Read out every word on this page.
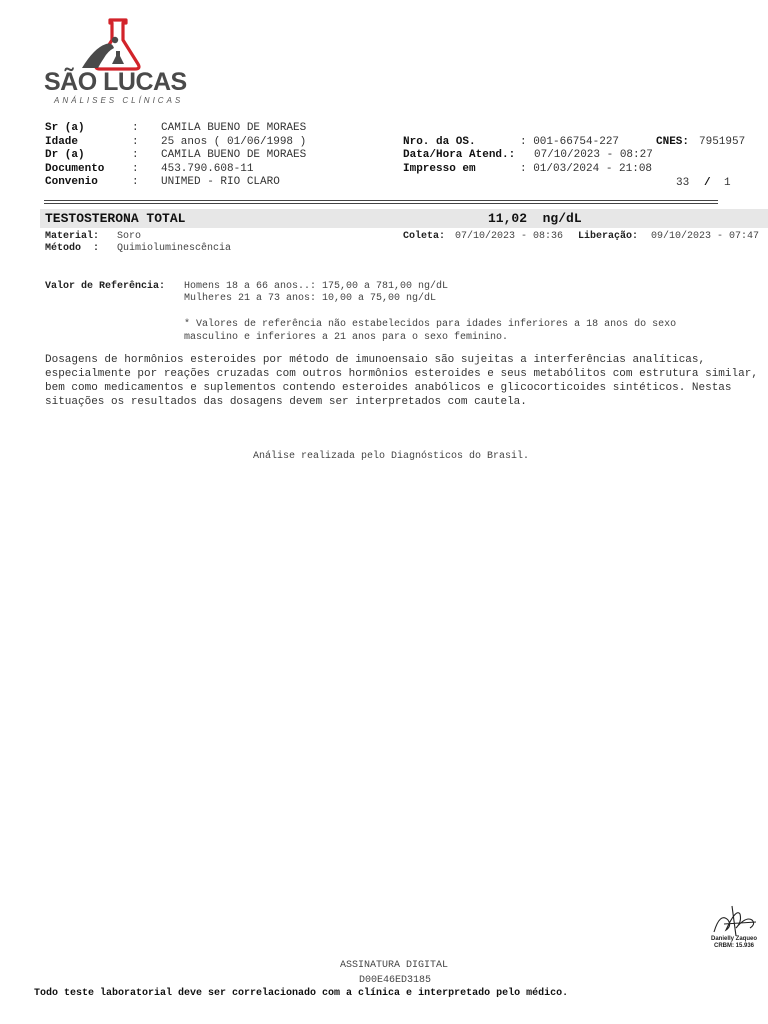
SÃO LUCAS
ANÁLISES CLÍNICAS
Sr (a)	: CAMILA BUENO DE MORAES
Idade	: 25 anos ( 01/06/1998 )
Dr (a)	: CAMILA BUENO DE MORAES
Documento	: 453.790.608-11
Convenio	: UNIMED - RIO CLARO
Nro. da OS.	: 001-66754-227	CNES: 7951957
Data/Hora Atend.: 07/10/2023 - 08:27
Impresso em	: 01/03/2024 - 21:08
33 / 1
TESTOSTERONA TOTAL	11,02  ng/dL
Material: Soro
Método  : Quimioluminescência
Coleta: 07/10/2023 - 08:36 Liberação: 09/10/2023 - 07:47
Valor de Referência: Homens 18 a 66 anos..: 175,00 a 781,00 ng/dL
Mulheres 21 a 73 anos: 10,00 a 75,00 ng/dL
* Valores de referência não estabelecidos para idades inferiores a 18 anos do sexo
masculino e inferiores a 21 anos para o sexo feminino.
Dosagens de hormônios esteroides por método de imunoensaio são sujeitas a interferências analíticas,
especialmente por reações cruzadas com outros hormônios esteroides e seus metabólitos com estrutura similar,
bem como medicamentos e suplementos contendo esteroides anabólicos e glicocorticoides sintéticos. Nestas
situações os resultados das dosagens devem ser interpretados com cautela.
Análise realizada pelo Diagnósticos do Brasil.
Danielly Zaqueo
CRBM: 15.936
ASSINATURA DIGITAL
D00E46ED3185
Todo teste laboratorial deve ser correlacionado com a clínica e interpretado pelo médico.
